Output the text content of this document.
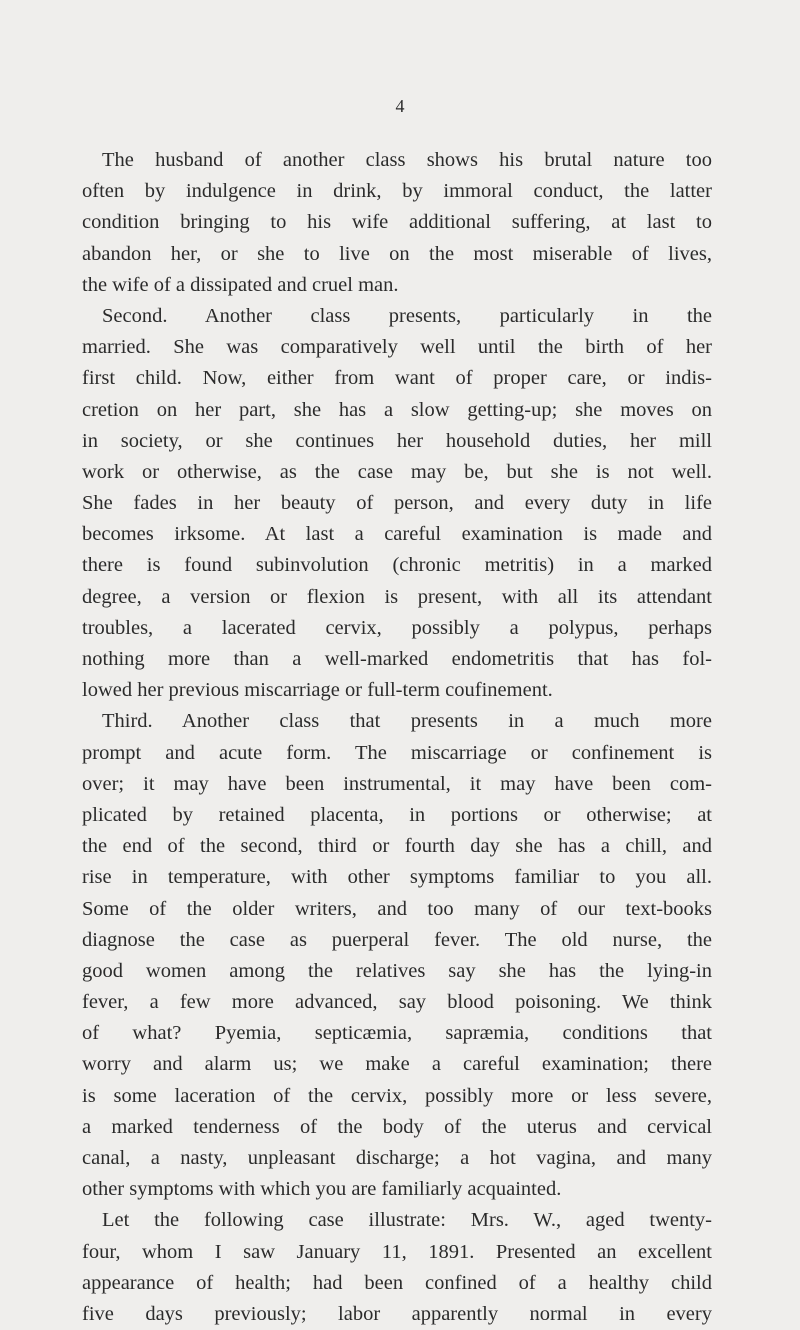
4
The husband of another class shows his brutal nature too
often by indulgence in drink, by immoral conduct, the latter
condition bringing to his wife additional suffering, at last to
abandon her, or she to live on the most miserable of lives,
the wife of a dissipated and cruel man.
Second. Another class presents, particularly in the
married. She was comparatively well until the birth of her
first child. Now, either from want of proper care, or indis-
cretion on her part, she has a slow getting-up; she moves on
in society, or she continues her household duties, her mill
work or otherwise, as the case may be, but she is not well.
She fades in her beauty of person, and every duty in life
becomes irksome. At last a careful examination is made and
there is found subinvolution (chronic metritis) in a marked
degree, a version or flexion is present, with all its attendant
troubles, a lacerated cervix, possibly a polypus, perhaps
nothing more than a well-marked endometritis that has fol-
lowed her previous miscarriage or full-term coufinement.
Third. Another class that presents in a much more
prompt and acute form. The miscarriage or confinement is
over; it may have been instrumental, it may have been com-
plicated by retained placenta, in portions or otherwise; at
the end of the second, third or fourth day she has a chill, and
rise in temperature, with other symptoms familiar to you all.
Some of the older writers, and too many of our text-books
diagnose the case as puerperal fever. The old nurse, the
good women among the relatives say she has the lying-in
fever, a few more advanced, say blood poisoning. We think
of what? Pyemia, septicæmia, sapræmia, conditions that
worry and alarm us; we make a careful examination; there
is some laceration of the cervix, possibly more or less severe,
a marked tenderness of the body of the uterus and cervical
canal, a nasty, unpleasant discharge; a hot vagina, and many
other symptoms with which you are familiarly acquainted.
Let the following case illustrate: Mrs. W., aged twenty-
four, whom I saw January 11, 1891. Presented an excellent
appearance of health; had been confined of a healthy child
five days previously; labor apparently normal in every
